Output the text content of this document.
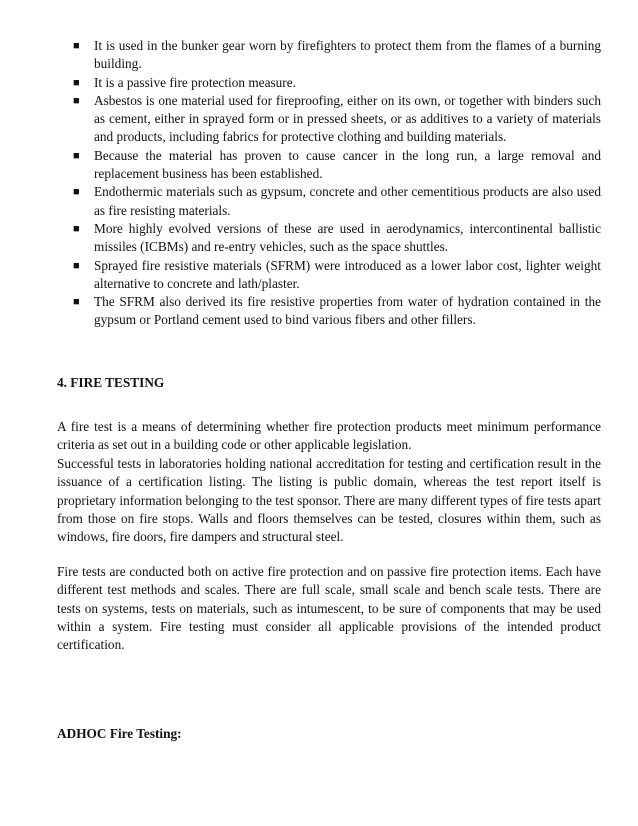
■ It is used in the bunker gear worn by firefighters to protect them from the flames of a burning building.
■ It is a passive fire protection measure.
■ Asbestos is one material used for fireproofing, either on its own, or together with binders such as cement, either in sprayed form or in pressed sheets, or as additives to a variety of materials and products, including fabrics for protective clothing and building materials.
■ Because the material has proven to cause cancer in the long run, a large removal and replacement business has been established.
■ Endothermic materials such as gypsum, concrete and other cementitious products are also used as fire resisting materials.
■ More highly evolved versions of these are used in aerodynamics, intercontinental ballistic missiles (ICBMs) and re-entry vehicles, such as the space shuttles.
■ Sprayed fire resistive materials (SFRM) were introduced as a lower labor cost, lighter weight alternative to concrete and lath/plaster.
■ The SFRM also derived its fire resistive properties from water of hydration contained in the gypsum or Portland cement used to bind various fibers and other fillers.
4. FIRE TESTING

A fire test is a means of determining whether fire protection products meet minimum performance criteria as set out in a building code or other applicable legislation.

Successful tests in laboratories holding national accreditation for testing and certification result in the issuance of a certification listing. The listing is public domain, whereas the test report itself is proprietary information belonging to the test sponsor. There are many different types of fire tests apart from those on fire stops. Walls and floors themselves can be tested, closures within them, such as windows, fire doors, fire dampers and structural steel.

Fire tests are conducted both on active fire protection and on passive fire protection items. Each have different test methods and scales. There are full scale, small scale and bench scale tests. There are tests on systems, tests on materials, such as intumescent, to be sure of components that may be used within a system. Fire testing must consider all applicable provisions of the intended product certification.

ADHOC Fire Testing:
